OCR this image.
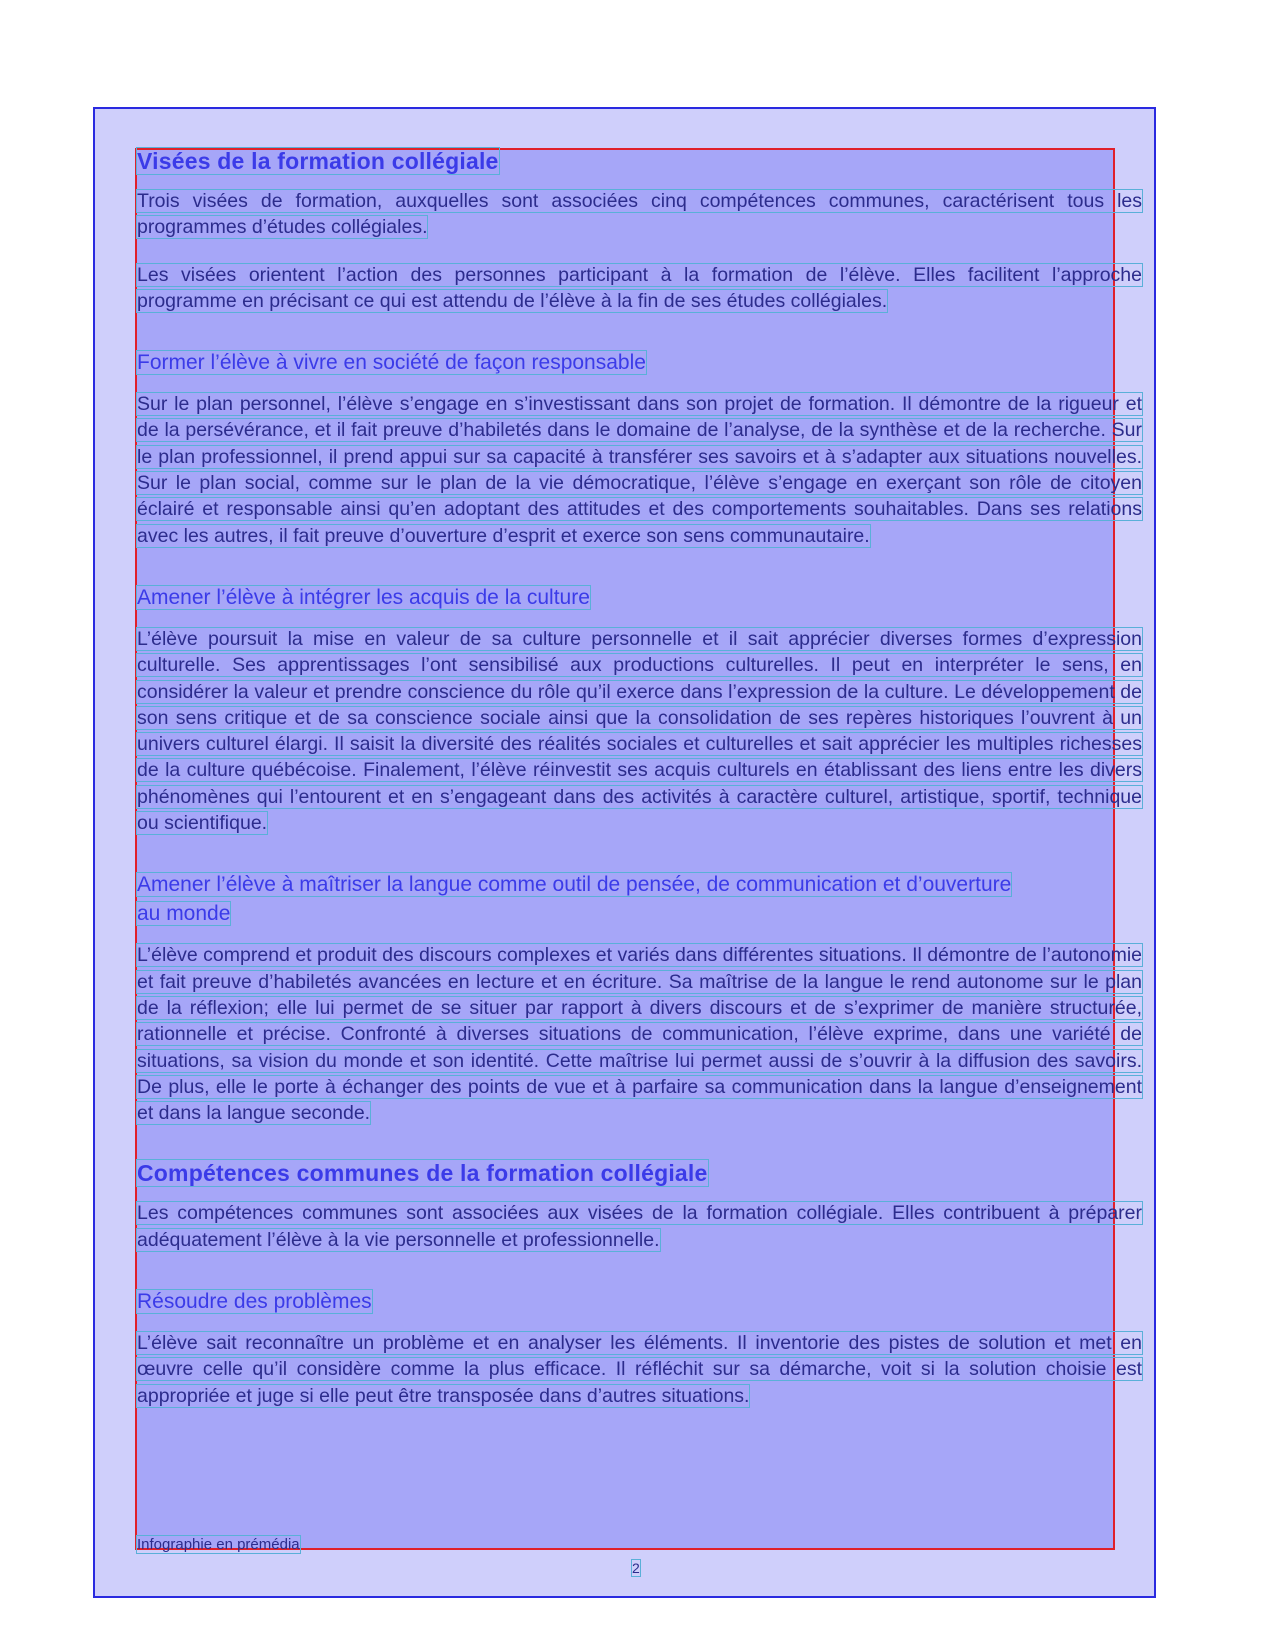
Visées de la formation collégiale

Trois visées de formation, auxquelles sont associées cinq compétences communes, caractérisent tous les programmes d’études collégiales.

Les visées orientent l’action des personnes participant à la formation de l’élève. Elles facilitent l’approche programme en précisant ce qui est attendu de l’élève à la fin de ses études collégiales.

Former l’élève à vivre en société de façon responsable

Sur le plan personnel, l’élève s’engage en s’investissant dans son projet de formation. Il démontre de la rigueur et de la persévérance, et il fait preuve d’habiletés dans le domaine de l’analyse, de la synthèse et de la recherche. Sur le plan professionnel, il prend appui sur sa capacité à transférer ses savoirs et à s’adapter aux situations nouvelles. Sur le plan social, comme sur le plan de la vie démocratique, l’élève s’engage en exerçant son rôle de citoyen éclairé et responsable ainsi qu’en adoptant des attitudes et des comportements souhaitables. Dans ses relations avec les autres, il fait preuve d’ouverture d’esprit et exerce son sens communautaire.

Amener l’élève à intégrer les acquis de la culture

L’élève poursuit la mise en valeur de sa culture personnelle et il sait apprécier diverses formes d’expression culturelle. Ses apprentissages l’ont sensibilisé aux productions culturelles. Il peut en interpréter le sens, en considérer la valeur et prendre conscience du rôle qu’il exerce dans l’expression de la culture. Le développement de son sens critique et de sa conscience sociale ainsi que la consolidation de ses repères historiques l’ouvrent à un univers culturel élargi. Il saisit la diversité des réalités sociales et culturelles et sait apprécier les multiples richesses de la culture québécoise. Finalement, l’élève réinvestit ses acquis culturels en établissant des liens entre les divers phénomènes qui l’entourent et en s’engageant dans des activités à caractère culturel, artistique, sportif, technique ou scientifique.

Amener l’élève à maîtriser la langue comme outil de pensée, de communication et d’ouverture au monde

L’élève comprend et produit des discours complexes et variés dans différentes situations. Il démontre de l’autonomie et fait preuve d’habiletés avancées en lecture et en écriture. Sa maîtrise de la langue le rend autonome sur le plan de la réflexion; elle lui permet de se situer par rapport à divers discours et de s’exprimer de manière structurée, rationnelle et précise. Confronté à diverses situations de communication, l’élève exprime, dans une variété de situations, sa vision du monde et son identité. Cette maîtrise lui permet aussi de s’ouvrir à la diffusion des savoirs. De plus, elle le porte à échanger des points de vue et à parfaire sa communication dans la langue d’enseignement et dans la langue seconde.

Compétences communes de la formation collégiale

Les compétences communes sont associées aux visées de la formation collégiale. Elles contribuent à préparer adéquatement l’élève à la vie personnelle et professionnelle.

Résoudre des problèmes

L’élève sait reconnaître un problème et en analyser les éléments. Il inventorie des pistes de solution et met en œuvre celle qu’il considère comme la plus efficace. Il réfléchit sur sa démarche, voit si la solution choisie est appropriée et juge si elle peut être transposée dans d’autres situations.

Infographie en prémédia
2
